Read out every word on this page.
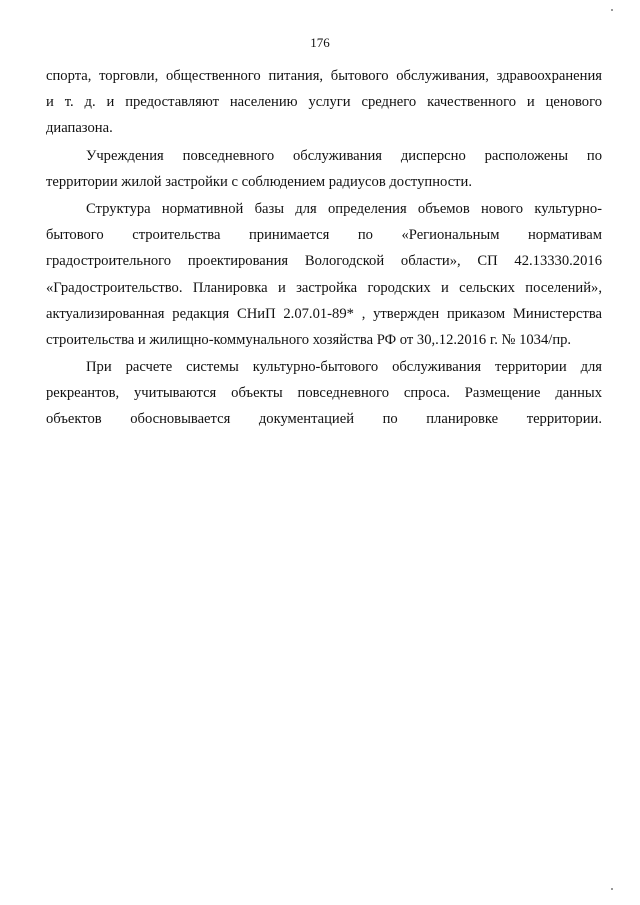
176
спорта, торговли, общественного питания, бытового обслуживания, здравоохранения
и т. д. и предоставляют населению услуги среднего качественного и ценового
диапазона.
Учреждения повседневного обслуживания дисперсно расположены по
территории жилой застройки с соблюдением радиусов доступности.
Структура нормативной базы для определения объемов нового культурно-
бытового строительства принимается по «Региональным нормативам
градостроительного проектирования Вологодской области», СП 42.13330.2016
«Градостроительство. Планировка и застройка городских и сельских поселений»,
актуализированная редакция СНиП 2.07.01-89* , утвержден приказом Министерства
строительства и жилищно-коммунального хозяйства РФ от 30,.12.2016 г. № 1034/пр.
При расчете системы культурно-бытового обслуживания территории для
рекреантов, учитываются объекты повседневного спроса. Размещение данных
объектов обосновывается документацией по планировке территории.
